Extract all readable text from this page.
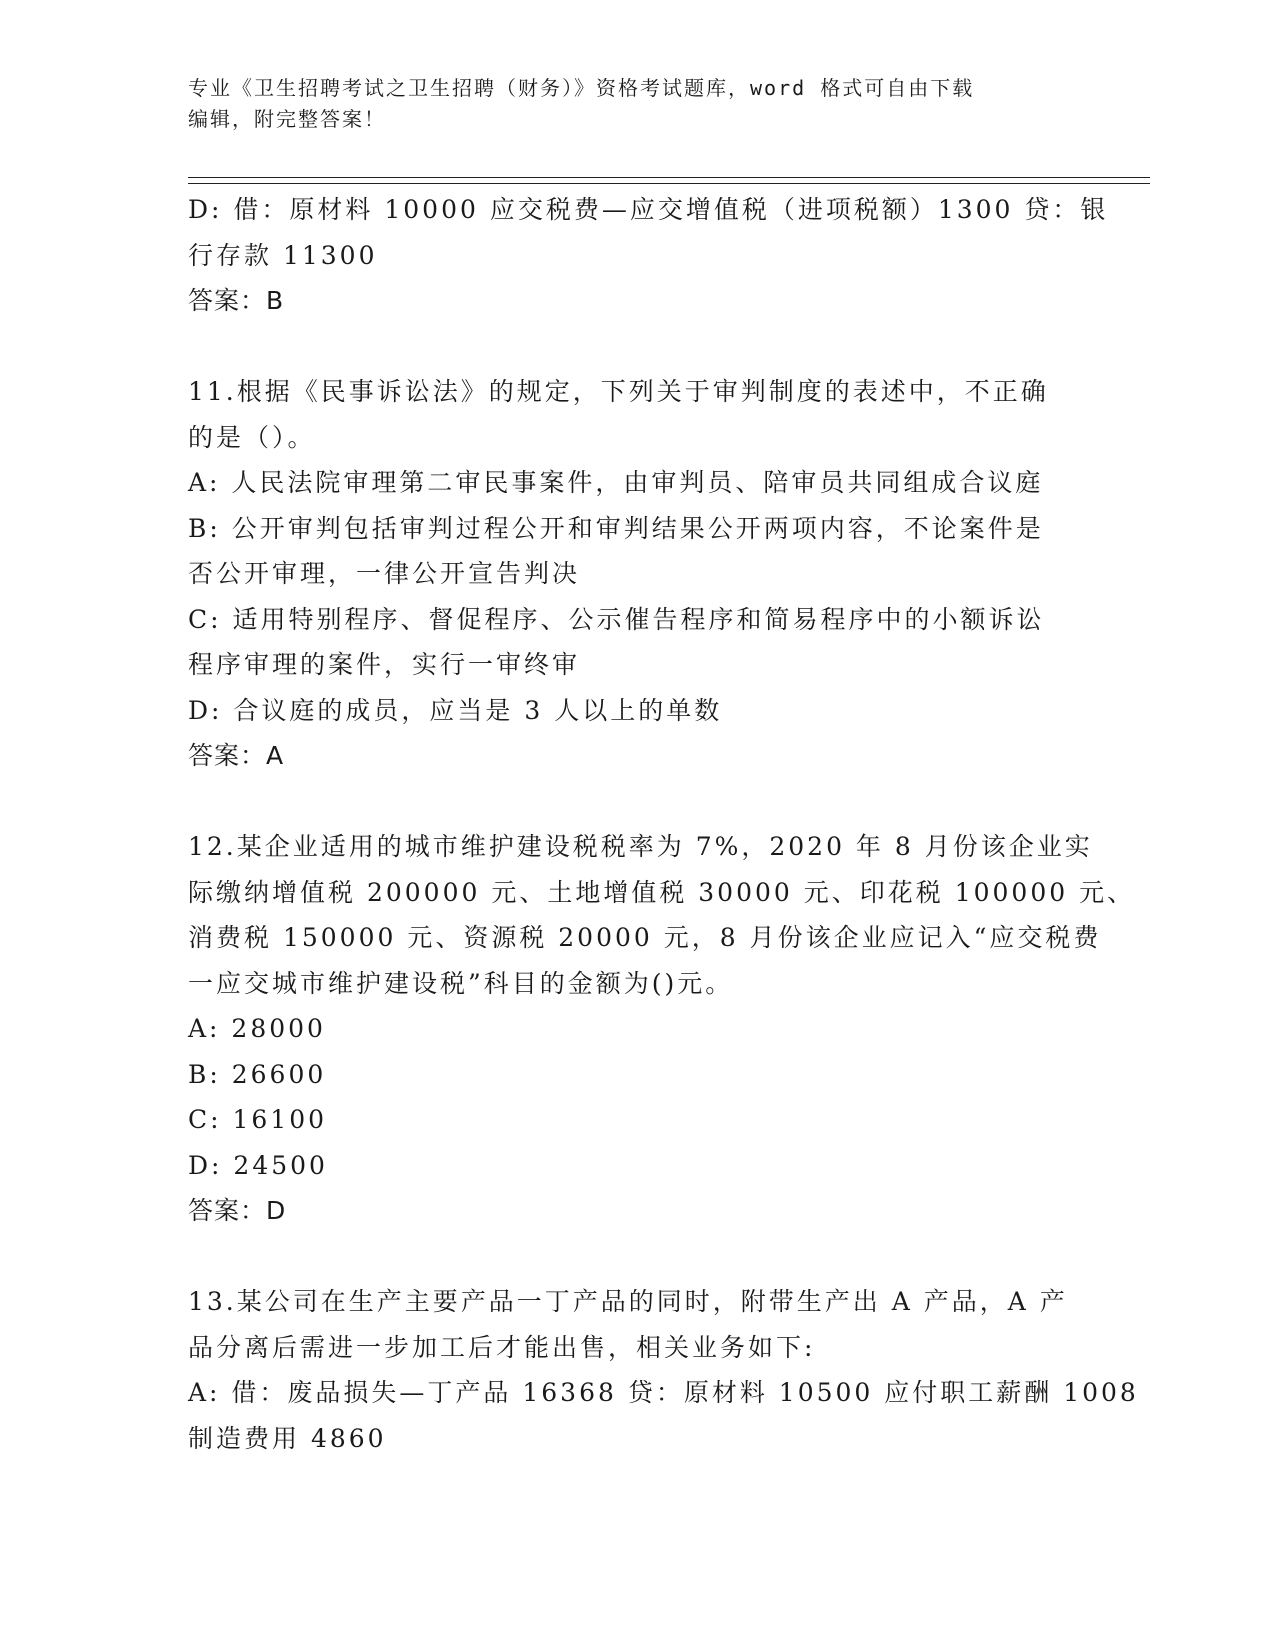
专业《卫生招聘考试之卫生招聘（财务）》资格考试题库，word 格式可自由下载
编辑，附完整答案！
D: 借：原材料 10000 应交税费—应交增值税（进项税额）1300 贷：银
行存款 11300
答案：B
11.根据《民事诉讼法》的规定，下列关于审判制度的表述中，不正确
的是（）。
A: 人民法院审理第二审民事案件，由审判员、陪审员共同组成合议庭
B: 公开审判包括审判过程公开和审判结果公开两项内容，不论案件是
否公开审理，一律公开宣告判决
C: 适用特别程序、督促程序、公示催告程序和简易程序中的小额诉讼
程序审理的案件，实行一审终审
D: 合议庭的成员，应当是 3 人以上的单数
答案：A
12.某企业适用的城市维护建设税税率为 7%，2020 年 8 月份该企业实
际缴纳增值税 200000 元、土地增值税 30000 元、印花税 100000 元、
消费税 150000 元、资源税 20000 元，8 月份该企业应记入“应交税费
一应交城市维护建设税”科目的金额为()元。
A: 28000
B: 26600
C: 16100
D: 24500
答案：D
13.某公司在生产主要产品一丁产品的同时，附带生产出 A 产品，A 产
品分离后需进一步加工后才能出售，相关业务如下:
A: 借：废品损失—丁产品 16368 贷：原材料 10500 应付职工薪酬 1008
制造费用 4860
